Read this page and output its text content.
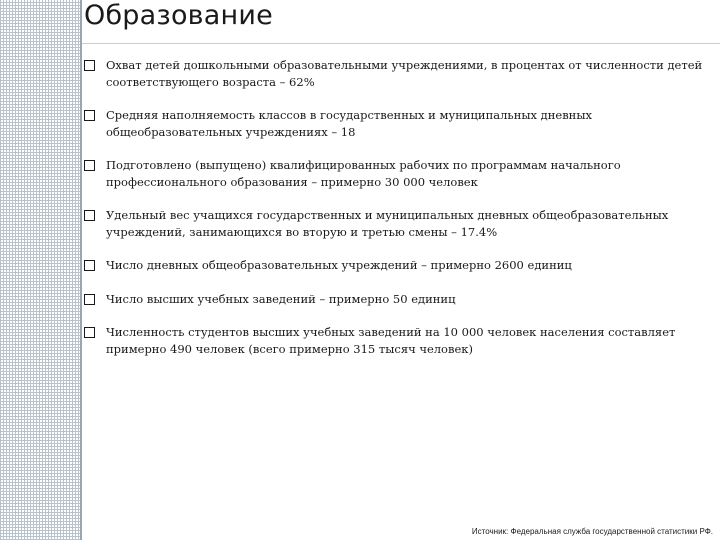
Образование
Охват детей дошкольными образовательными учреждениями, в процентах от численности детей соответствующего возраста – 62%
Средняя наполняемость классов в государственных и муниципальных дневных общеобразовательных учреждениях – 18
Подготовлено (выпущено) квалифицированных рабочих по программам начального профессионального образования – примерно 30 000 человек
Удельный вес учащихся государственных и муниципальных дневных общеобразовательных учреждений, занимающихся во вторую и третью смены – 17.4%
Число дневных общеобразовательных учреждений – примерно 2600 единиц
Число высших учебных заведений – примерно 50 единиц
Численность студентов высших учебных заведений на 10 000 человек населения составляет примерно 490 человек (всего примерно 315 тысяч человек)
Источник: Федеральная служба государственной статистики РФ.
